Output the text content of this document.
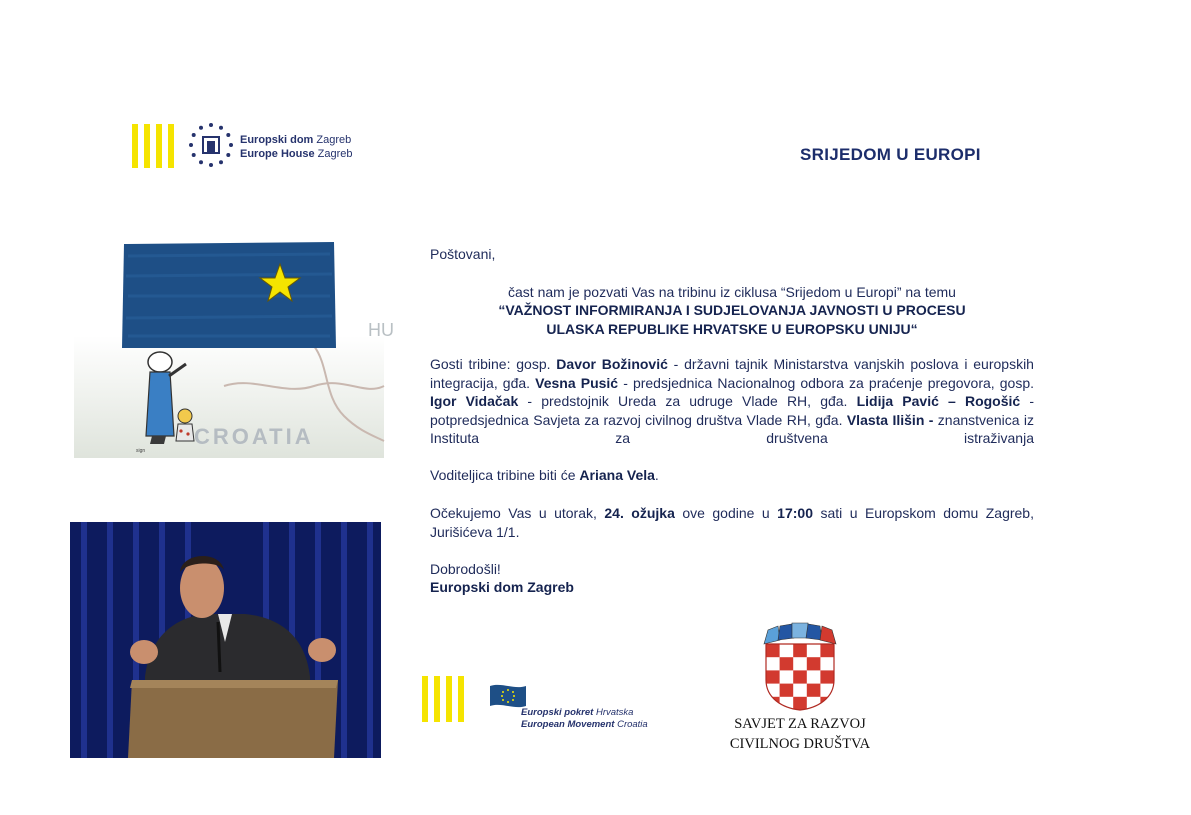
Europski dom Zagreb
Europe House Zagreb	SRIJEDOM U EUROPI
HU
CROATIA
sign
Poštovani,
čast nam je pozvati Vas na tribinu iz ciklusa “Srijedom u Europi” na temu
“VAŽNOST INFORMIRANJA I SUDJELOVANJA JAVNOSTI U PROCESU
ULASKA REPUBLIKE HRVATSKE U EUROPSKU UNIJU“
Gosti tribine: gosp. Davor Božinović - državni tajnik Ministarstva vanjskih poslova i europskih integracija, gđa. Vesna Pusić - predsjednica Nacionalnog odbora za praćenje pregovora, gosp. Igor Vidačak - predstojnik Ureda za udruge Vlade RH, gđa. Lidija Pavić – Rogošić - potpredsjednica Savjeta za razvoj civilnog društva Vlade RH, gđa. Vlasta Ilišin - znanstvenica iz Instituta za društvena istraživanja
Voditeljica tribine biti će Ariana Vela.
Očekujemo Vas u utorak, 24. ožujka ove godine u 17:00 sati u Europskom domu Zagreb, Jurišićeva 1/1.
Dobrodošli!
Europski dom Zagreb
Europski pokret Hrvatska
European Movement Croatia	SAVJET ZA RAZVOJ
CIVILNOG DRUŠTVA
